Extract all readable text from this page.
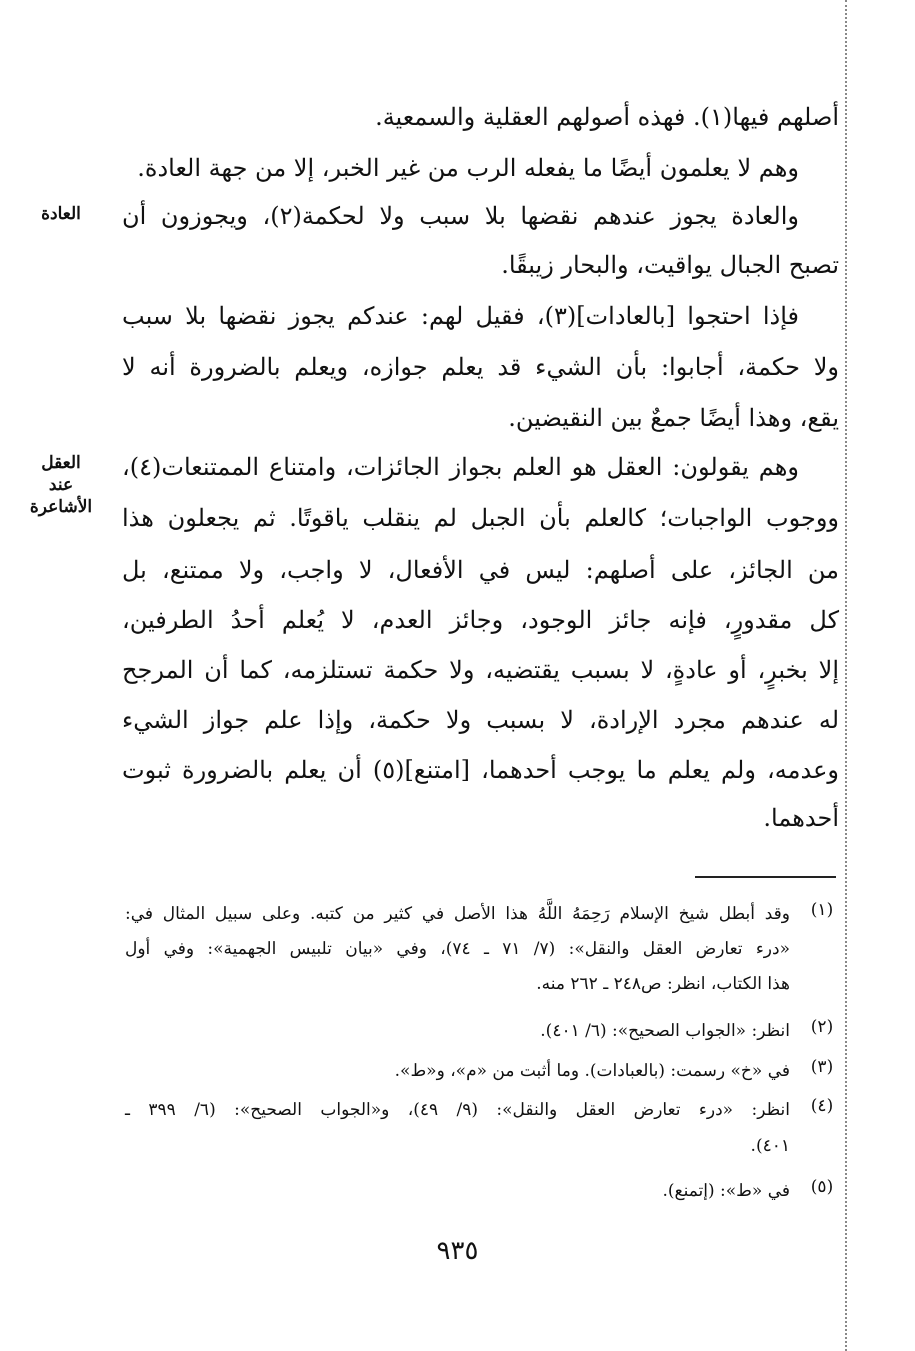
العادة
العقل
عند الأشاعرة
أصلهم فيها(١). فهذه أصولهم العقلية والسمعية.
وهم لا يعلمون أيضًا ما يفعله الرب من غير الخبر، إلا من جهة العادة.
والعادة يجوز عندهم نقضها بلا سبب ولا لحكمة(٢)، ويجوزون أن
تصبح الجبال يواقيت، والبحار زيبقًا.
فإذا احتجوا [بالعادات](٣)، فقيل لهم: عندكم يجوز نقضها بلا سبب
ولا حكمة، أجابوا: بأن الشيء قد يعلم جوازه، ويعلم بالضرورة أنه لا
يقع، وهذا أيضًا جمعٌ بين النقيضين.
وهم يقولون: العقل هو العلم بجواز الجائزات، وامتناع الممتنعات(٤)،
ووجوب الواجبات؛ كالعلم بأن الجبل لم ينقلب ياقوتًا. ثم يجعلون هذا
من الجائز، على أصلهم: ليس في الأفعال، لا واجب، ولا ممتنع، بل
كل مقدورٍ، فإنه جائز الوجود، وجائز العدم، لا يُعلم أحدُ الطرفين،
إلا بخبرٍ، أو عادةٍ، لا بسبب يقتضيه، ولا حكمة تستلزمه، كما أن المرجح
له عندهم مجرد الإرادة، لا بسبب ولا حكمة، وإذا علم جواز الشيء
وعدمه، ولم يعلم ما يوجب أحدهما، [امتنع](٥) أن يعلم بالضرورة ثبوت
أحدهما.
(١)
وقد أبطل شيخ الإسلام رَحِمَهُ اللَّهُ هذا الأصل في كثير من كتبه. وعلى سبيل المثال في:
«درء تعارض العقل والنقل»: (٧/ ٧١ ـ ٧٤)، وفي «بيان تلبيس الجهمية»: وفي أول
هذا الكتاب، انظر: ص٢٤٨ ـ ٢٦٢ منه.
(٢)
انظر: «الجواب الصحيح»: (٦/ ٤٠١).
(٣)
في «خ» رسمت: (بالعبادات). وما أثبت من «م»، و«ط».
(٤)
انظر: «درء تعارض العقل والنقل»: (٩/ ٤٩)، و«الجواب الصحيح»: (٦/ ٣٩٩ ـ
٤٠١).
(٥)
في «ط»: (إتمنع).
٩٣٥
